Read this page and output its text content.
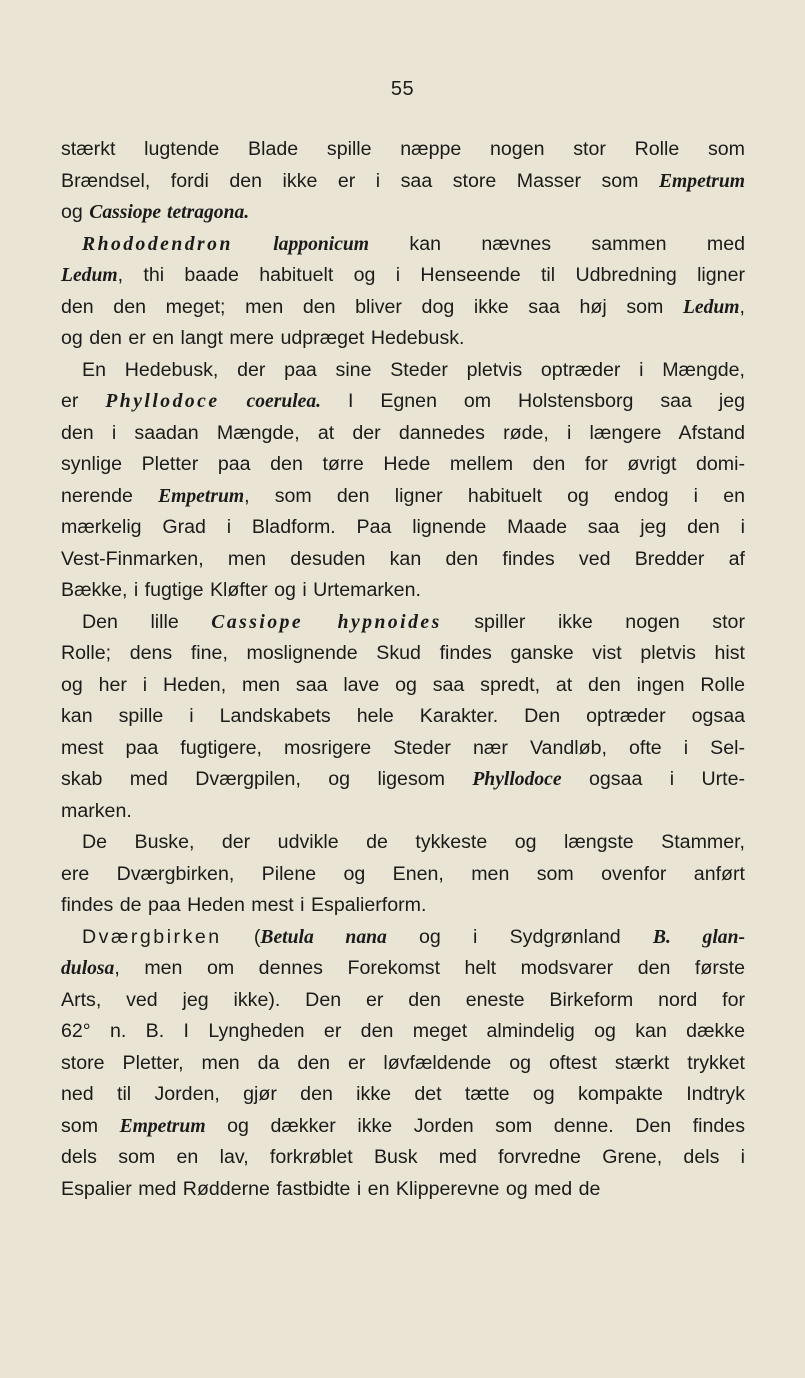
55
stærkt lugtende Blade spille næppe nogen stor Rolle som
Brændsel, fordi den ikke er i saa store Masser som Empetrum
og Cassiope tetragona.
Rhododendron lapponicum kan nævnes sammen med
Ledum, thi baade habituelt og i Henseende til Udbredning ligner
den den meget; men den bliver dog ikke saa høj som Ledum,
og den er en langt mere udpræget Hedebusk.
En Hedebusk, der paa sine Steder pletvis optræder i Mængde,
er Phyllodoce coerulea. I Egnen om Holstensborg saa jeg
den i saadan Mængde, at der dannedes røde, i længere Afstand
synlige Pletter paa den tørre Hede mellem den for øvrigt domi-
nerende Empetrum, som den ligner habituelt og endog i en
mærkelig Grad i Bladform. Paa lignende Maade saa jeg den i
Vest-Finmarken, men desuden kan den findes ved Bredder af
Bække, i fugtige Kløfter og i Urtemarken.
Den lille Cassiope hypnoides spiller ikke nogen stor
Rolle; dens fine, moslignende Skud findes ganske vist pletvis hist
og her i Heden, men saa lave og saa spredt, at den ingen Rolle
kan spille i Landskabets hele Karakter. Den optræder ogsaa
mest paa fugtigere, mosrigere Steder nær Vandløb, ofte i Sel-
skab med Dværgpilen, og ligesom Phyllodoce ogsaa i Urte-
marken.
De Buske, der udvikle de tykkeste og længste Stammer,
ere Dværgbirken, Pilene og Enen, men som ovenfor anført
findes de paa Heden mest i Espalierform.
Dværgbirken (Betula nana og i Sydgrønland B. glan-
dulosa, men om dennes Forekomst helt modsvarer den første
Arts, ved jeg ikke). Den er den eneste Birkeform nord for
62° n. B. I Lyngheden er den meget almindelig og kan dække
store Pletter, men da den er løvfældende og oftest stærkt trykket
ned til Jorden, gjør den ikke det tætte og kompakte Indtryk
som Empetrum og dækker ikke Jorden som denne. Den findes
dels som en lav, forkrøblet Busk med forvredne Grene, dels i
Espalier med Rødderne fastbidte i en Klipperevne og med de
